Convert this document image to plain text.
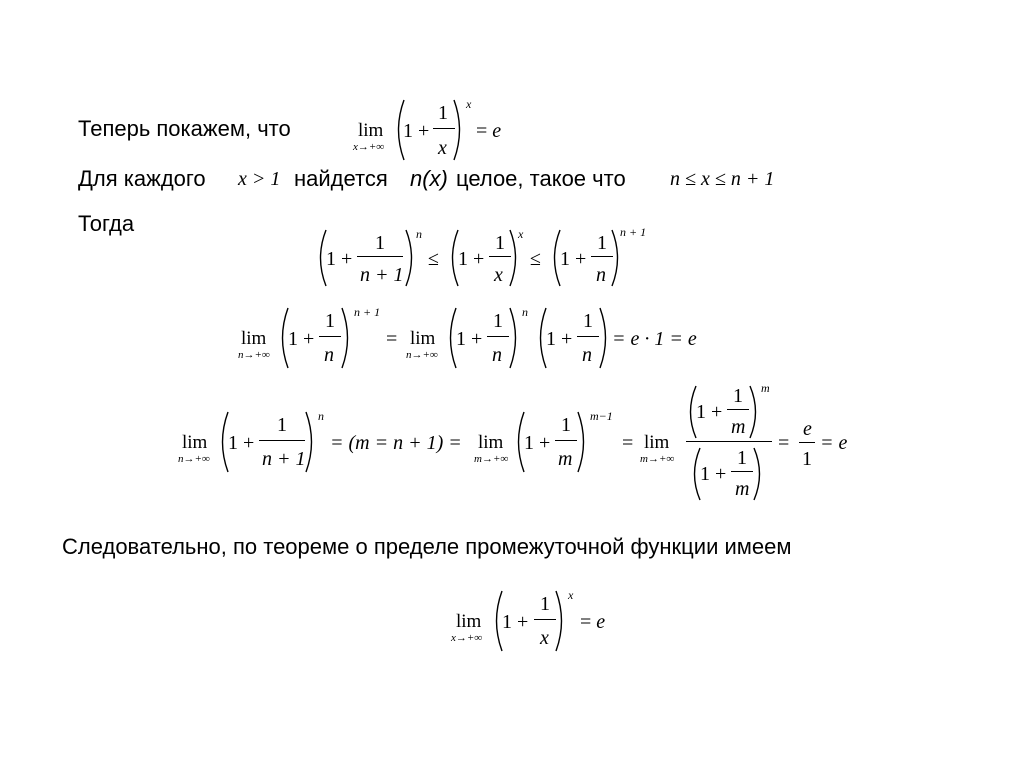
Теперь покажем, что	lim
x→+∞
1 +
1
x
x
= e
Для каждого x > 1 найдется n(x) целое, такое что n ≤ x ≤ n + 1
Тогда
1 +
1
n + 1
n
≤ 1 +
1
x
x
≤ 1 +
1
n
n + 1
lim
n→+∞
1 +
1
n
n + 1
= lim
n→+∞
1 +
1
n
n
1 +
1
n
= e · 1 = e
lim
n→+∞
1 +
1
n + 1
n
= (m = n + 1) = lim
m→+∞
1 +
1
m
m−1
= lim
m→+∞
1 +
1
m
m
1 +
1
m
=
e
1
= e
Следовательно, по теореме о пределе промежуточной функции имеем
lim
x→+∞
1 +
1
x
x
= e
